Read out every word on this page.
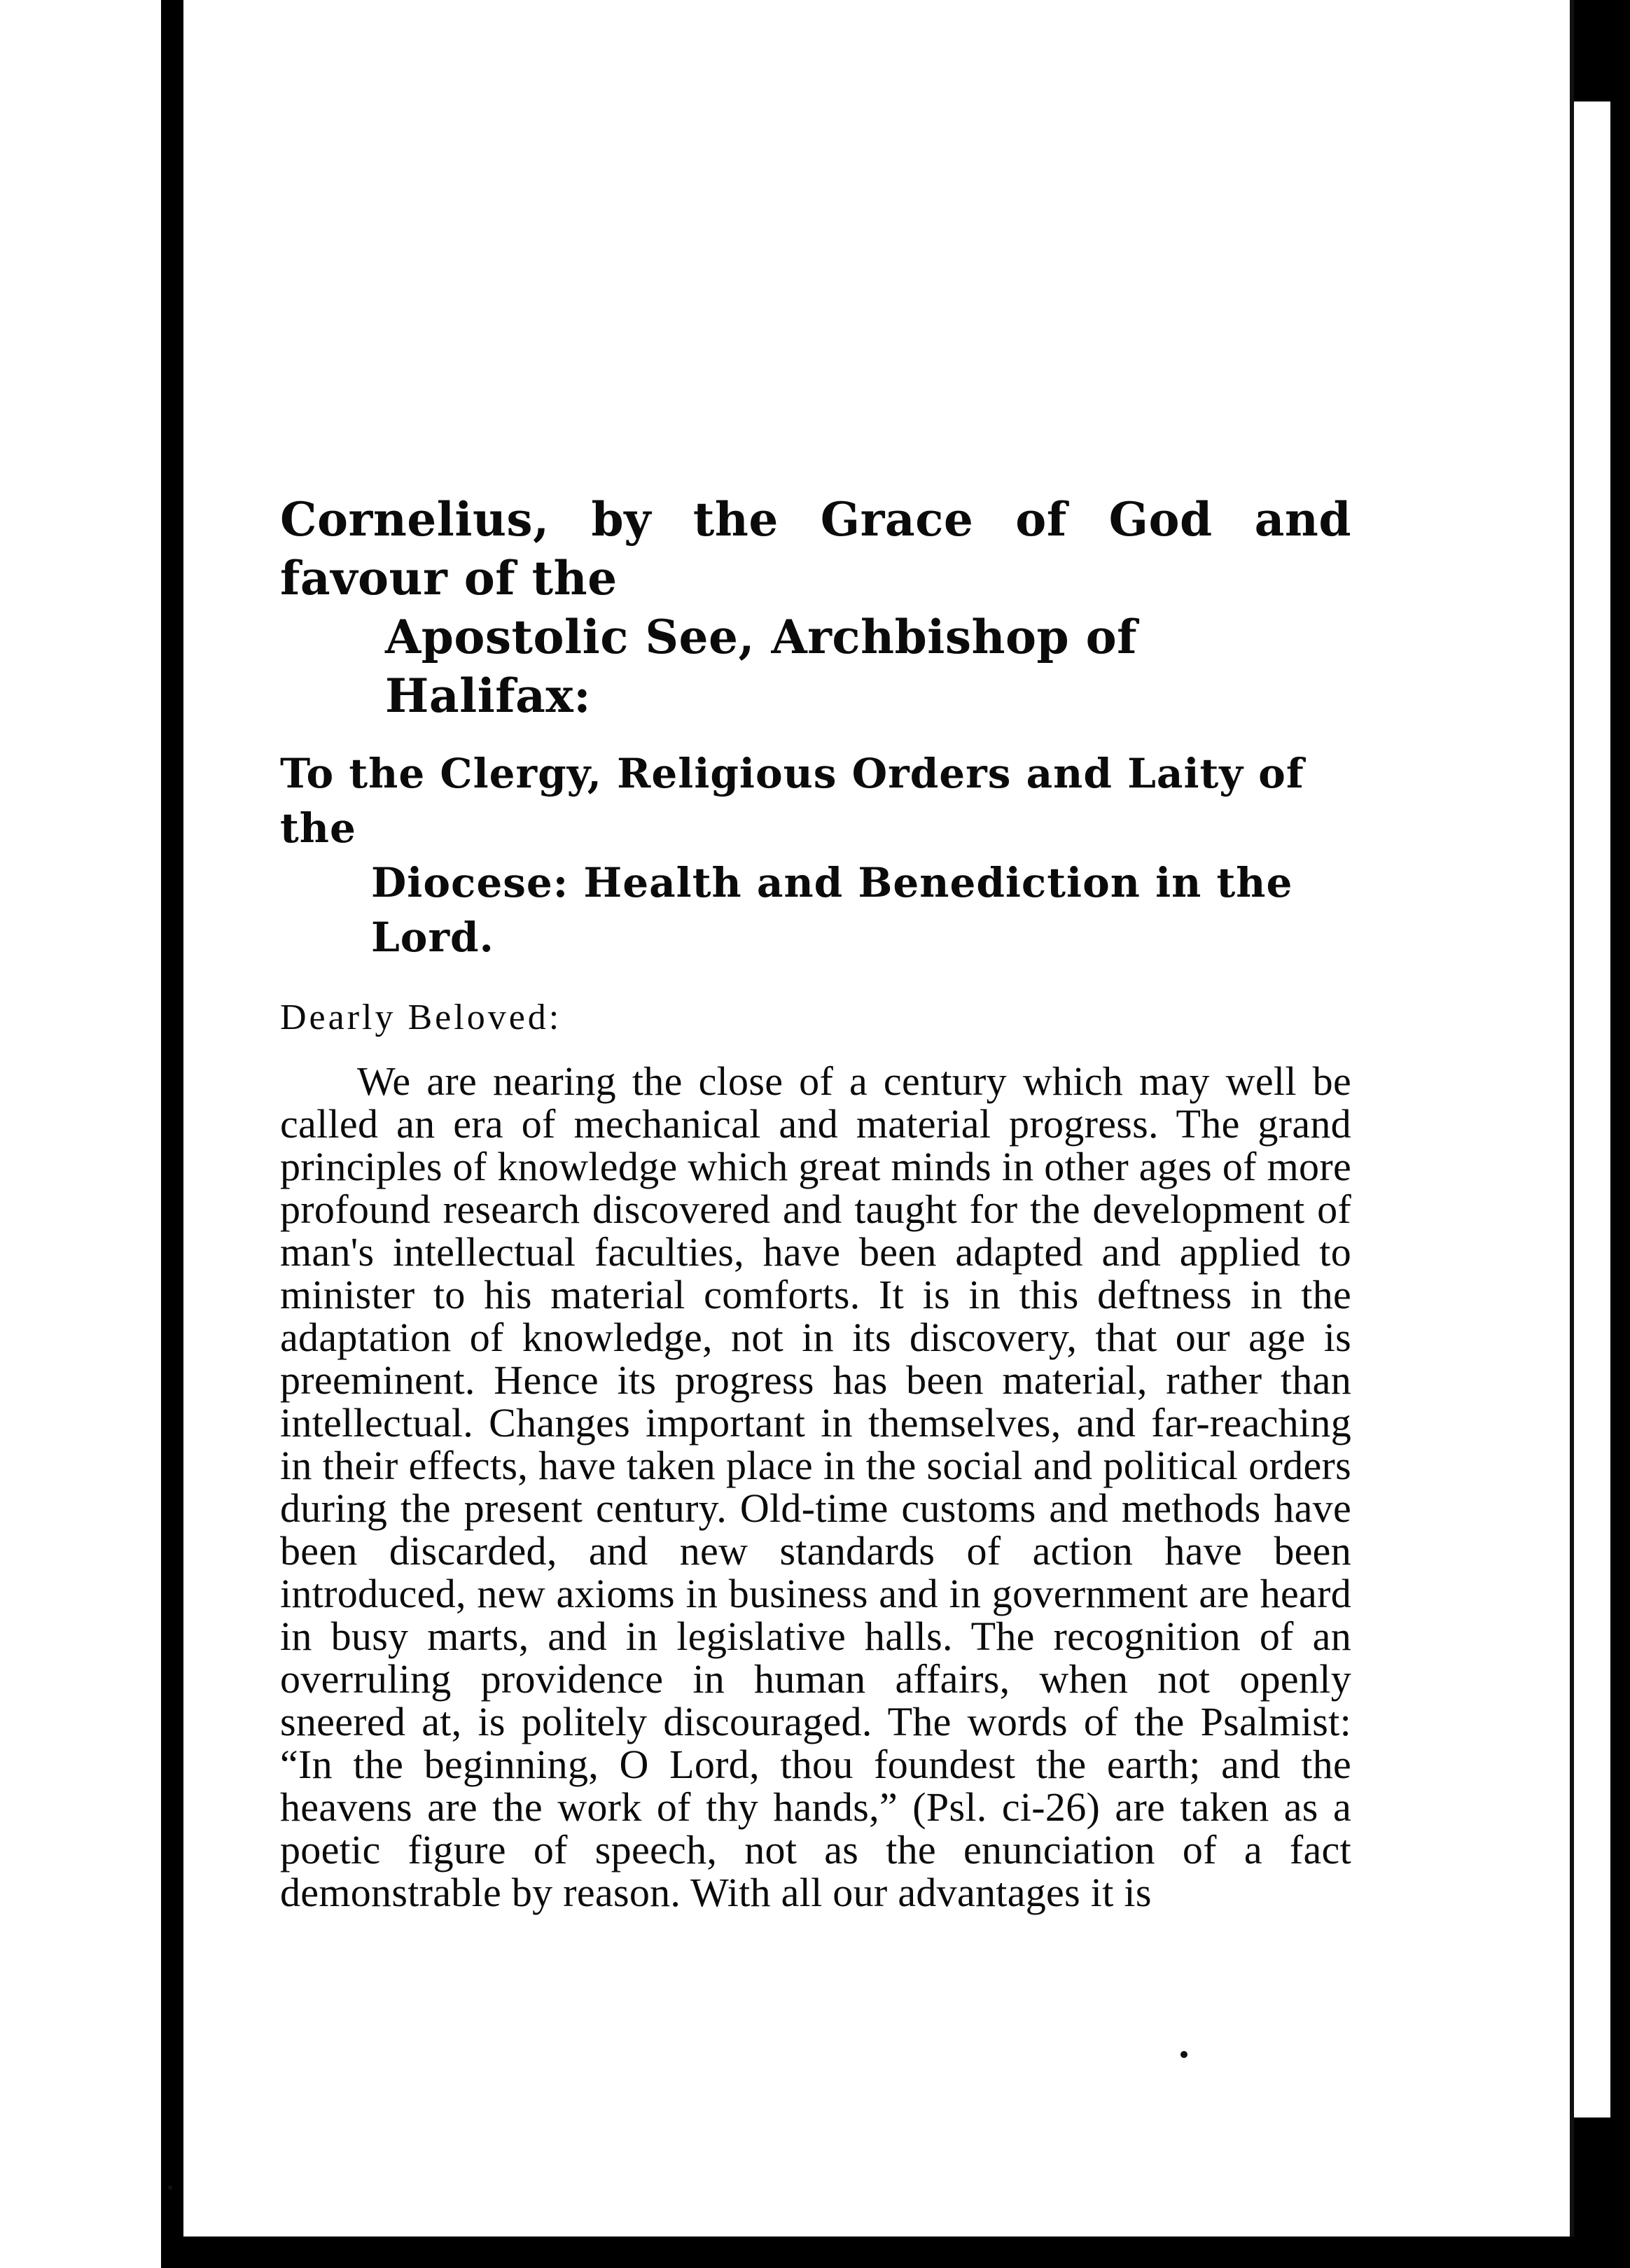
Cornelius, by the Grace of God and favour of the
Apostolic See, Archbishop of Halifax:
To the Clergy, Religious Orders and Laity of the
Diocese: Health and Benediction in the Lord.

Dearly Beloved:

We are nearing the close of a century which may well be called an era of mechanical and material progress. The grand principles of knowledge which great minds in other ages of more profound research discovered and taught for the development of man's intellectual faculties, have been adapted and applied to minister to his material comforts. It is in this deftness in the adaptation of knowledge, not in its discovery, that our age is preeminent. Hence its progress has been material, rather than intellectual. Changes important in themselves, and far-reaching in their effects, have taken place in the social and political orders during the present century. Old-time customs and methods have been discarded, and new standards of action have been introduced, new axioms in business and in government are heard in busy marts, and in legislative halls. The recognition of an overruling providence in human affairs, when not openly sneered at, is politely discouraged. The words of the Psalmist: “In the beginning, O Lord, thou foundest the earth; and the heavens are the work of thy hands,” (Psl. ci-26) are taken as a poetic figure of speech, not as the enunciation of a fact demonstrable by reason. With all our advantages it is
